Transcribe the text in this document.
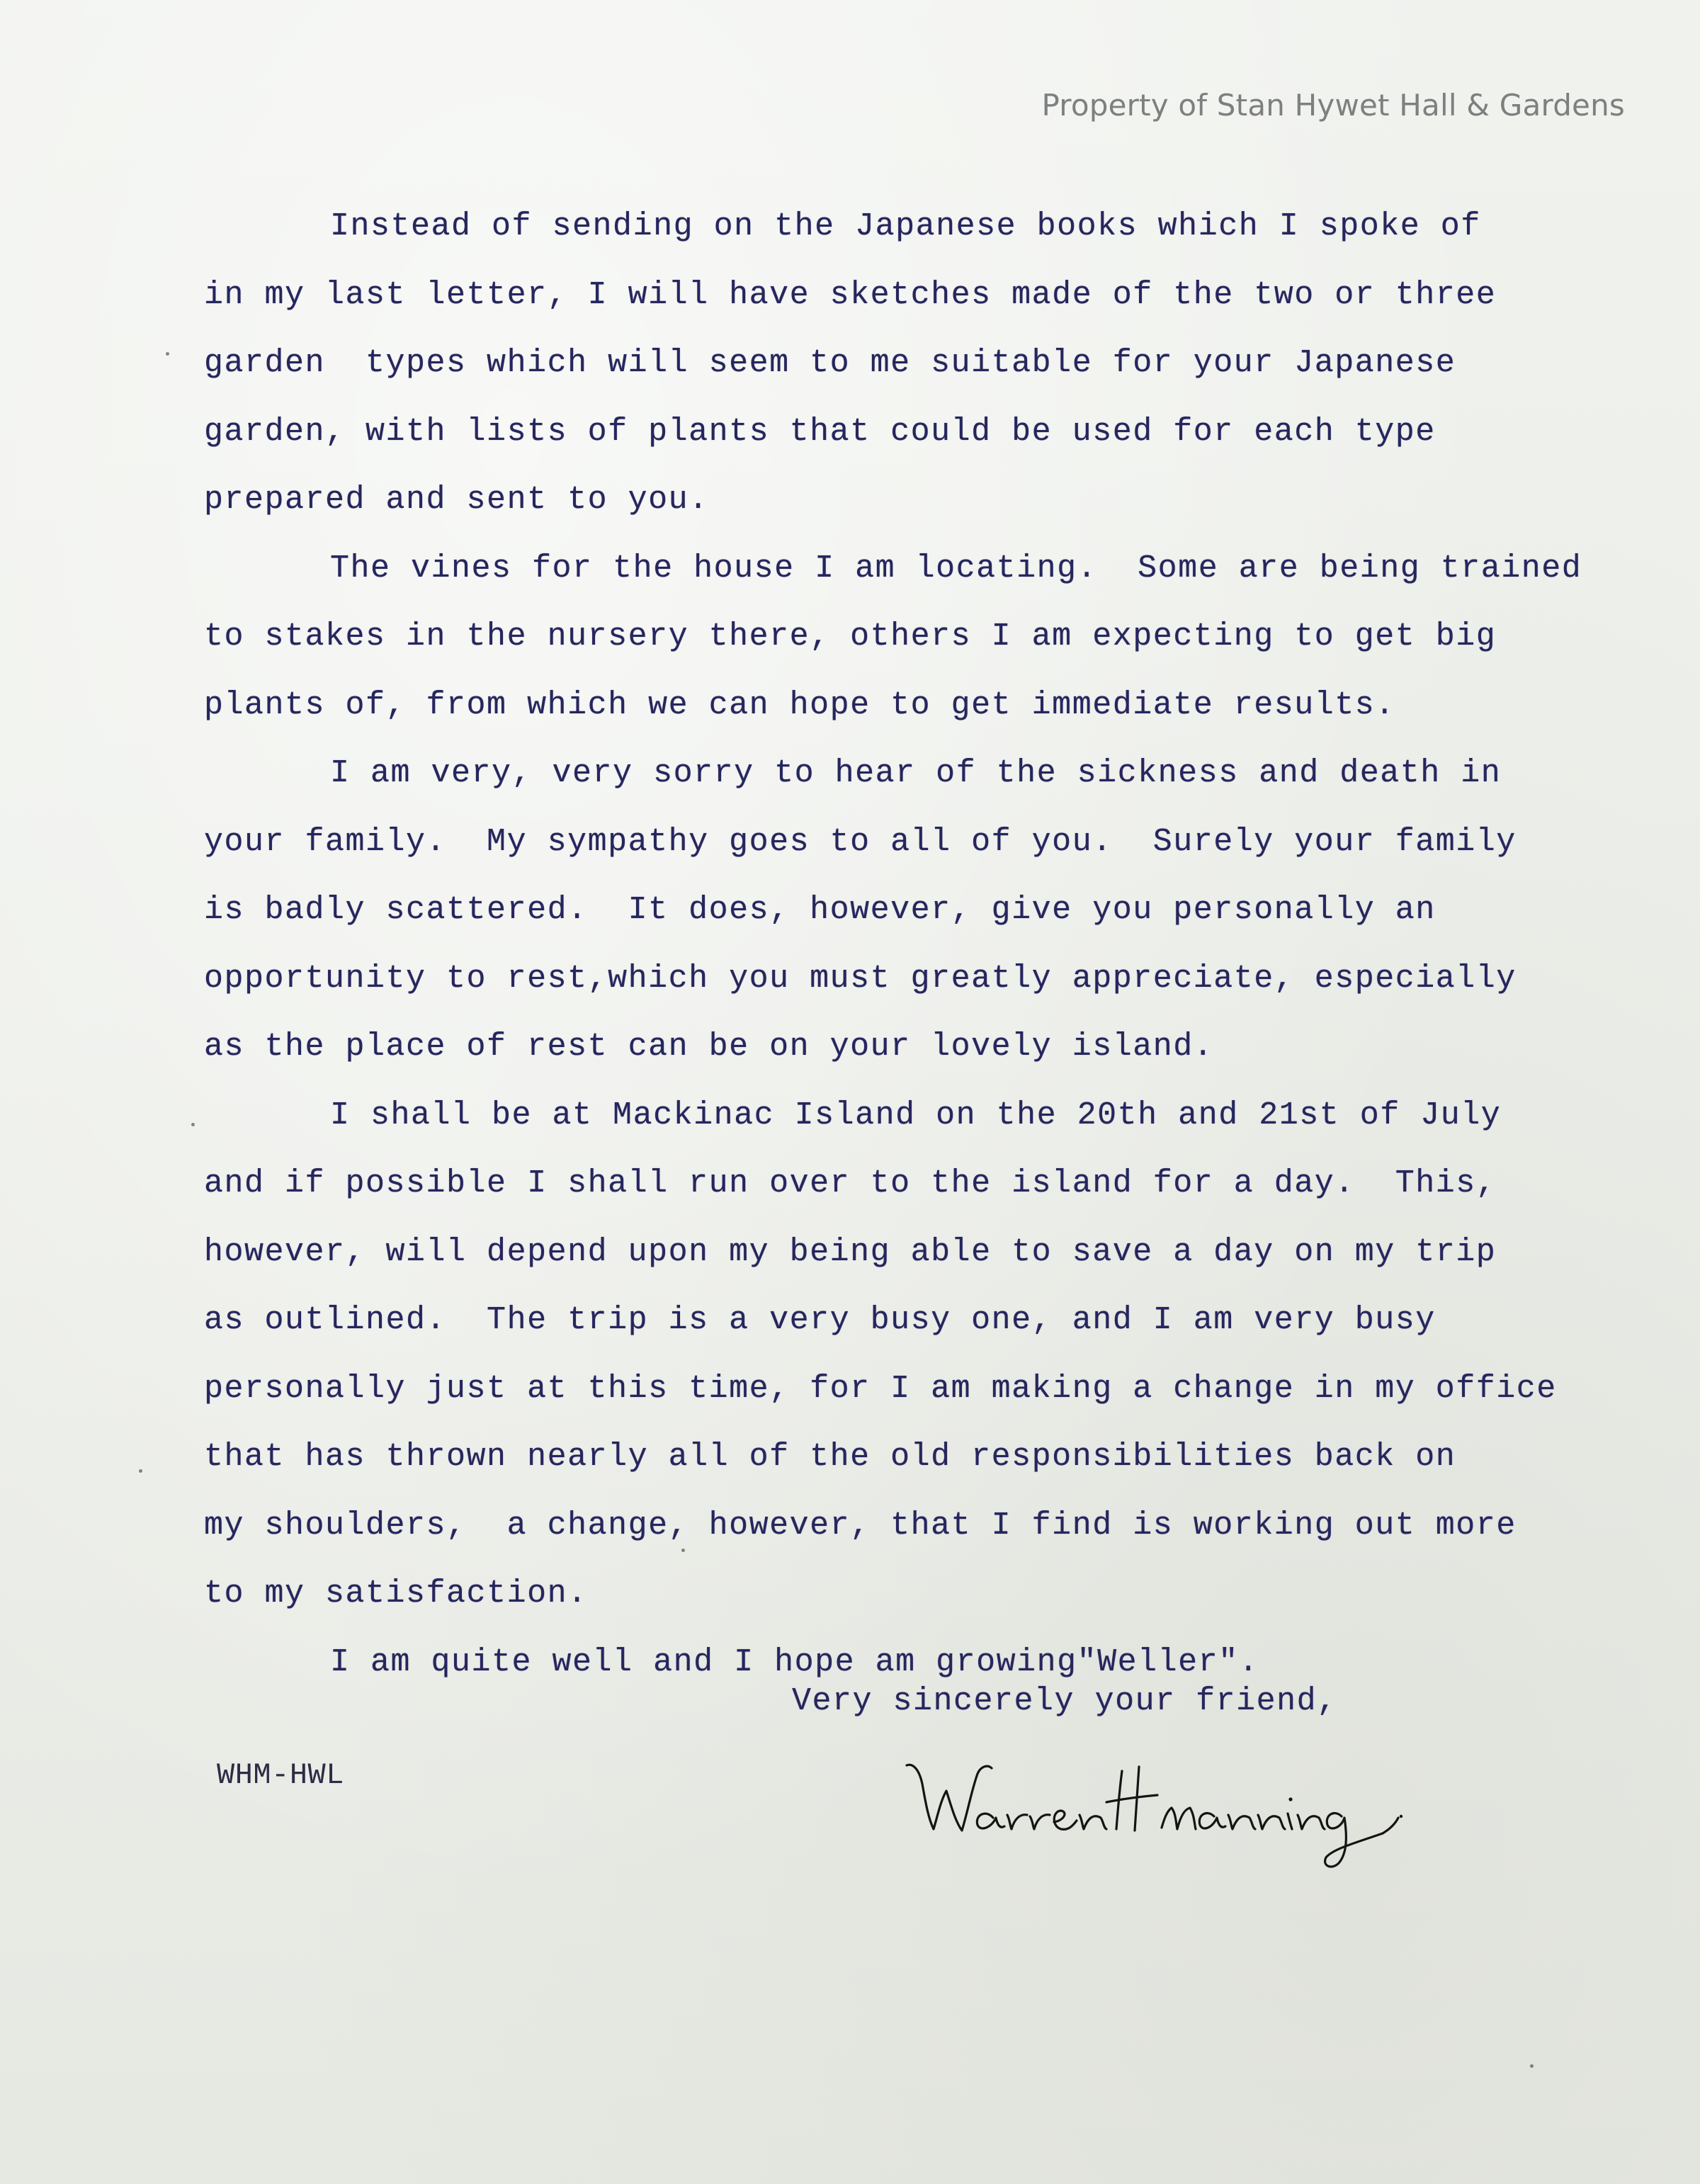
Property of Stan Hywet Hall & Gardens
Instead of sending on the Japanese books which I spoke of
in my last letter, I will have sketches made of the two or three
garden  types which will seem to me suitable for your Japanese
garden, with lists of plants that could be used for each type
prepared and sent to you.
The vines for the house I am locating.  Some are being trained
to stakes in the nursery there, others I am expecting to get big
plants of, from which we can hope to get immediate results.
I am very, very sorry to hear of the sickness and death in
your family.  My sympathy goes to all of you.  Surely your family
is badly scattered.  It does, however, give you personally an
opportunity to rest,which you must greatly appreciate, especially
as the place of rest can be on your lovely island.
I shall be at Mackinac Island on the 20th and 21st of July
and if possible I shall run over to the island for a day.  This,
however, will depend upon my being able to save a day on my trip
as outlined.  The trip is a very busy one, and I am very busy
personally just at this time, for I am making a change in my office
that has thrown nearly all of the old responsibilities back on
my shoulders,  a change, however, that I find is working out more
to my satisfaction.
I am quite well and I hope am growing"Weller".
Very sincerely your friend,
WHM-HWL
